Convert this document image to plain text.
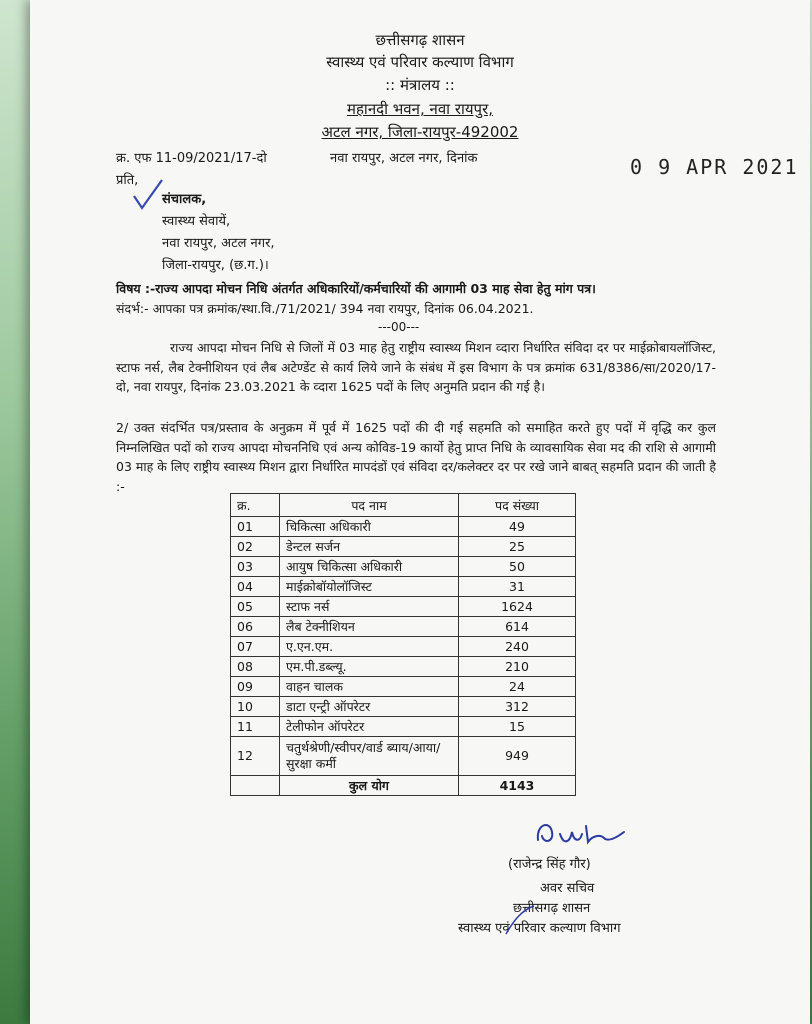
छत्तीसगढ़ शासन
स्वास्थ्य एवं परिवार कल्याण विभाग
:: मंत्रालय ::
महानदी भवन, नवा रायपुर,
अटल नगर, जिला-रायपुर-492002
क्र. एफ 11-09/2021/17-दो	नवा रायपुर, अटल नगर, दिनांक	0 9 APR 2021
प्रति,
संचालक,
स्वास्थ्य सेवायें,
नवा रायपुर, अटल नगर,
जिला-रायपुर, (छ.ग.)।
विषय :-राज्य आपदा मोचन निधि अंतर्गत अधिकारियों/कर्मचारियों की आगामी 03 माह सेवा हेतु मांग पत्र।
संदर्भ:- आपका पत्र क्रमांक/स्था.वि./71/2021/ 394 नवा रायपुर, दिनांक 06.04.2021.
---00---
राज्य आपदा मोचन निधि से जिलों में 03 माह हेतु राष्ट्रीय स्वास्थ्य मिशन व्दारा निर्धारित संविदा दर पर माईक्रोबायलॉजिस्ट, स्टाफ नर्स, लैब टेक्नीशियन एवं लैब अटेण्डेंट से कार्य लिये जाने के संबंध में इस विभाग के पत्र क्रमांक 631/8386/सा/2020/17-दो, नवा रायपुर, दिनांक 23.03.2021 के व्दारा 1625 पदों के लिए अनुमति प्रदान की गई है।
2/ उक्त संदर्भित पत्र/प्रस्ताव के अनुक्रम में पूर्व में 1625 पदों की दी गई सहमति को समाहित करते हुए पदों में वृद्धि कर कुल निम्नलिखित पदों को राज्य आपदा मोचननिधि एवं अन्य कोविड-19 कार्यो हेतु प्राप्त निधि के व्यावसायिक सेवा मद की राशि से आगामी 03 माह के लिए राष्ट्रीय स्वास्थ्य मिशन द्वारा निर्धारित मापदंडों एवं संविदा दर/कलेक्टर दर पर रखे जाने बाबत् सहमति प्रदान की जाती है :-
क्र.	पद नाम	पद संख्या
01	चिकित्सा अधिकारी	49
02	डेन्टल सर्जन	25
03	आयुष चिकित्सा अधिकारी	50
04	माईक्रोबॉयोलॉजिस्ट	31
05	स्टाफ नर्स	1624
06	लैब टेक्नीशियन	614
07	ए.एन.एम.	240
08	एम.पी.डब्ल्यू.	210
09	वाहन चालक	24
10	डाटा एन्ट्री ऑपरेटर	312
11	टेलीफोन ऑपरेटर	15
12	चतुर्थश्रेणी/स्वीपर/वार्ड ब्याय/आया/सुरक्षा कर्मी	949
	कुल योग	4143
(राजेन्द्र सिंह गौर)
अवर सचिव
छत्तीसगढ़ शासन
स्वास्थ्य एवं परिवार कल्याण विभाग
